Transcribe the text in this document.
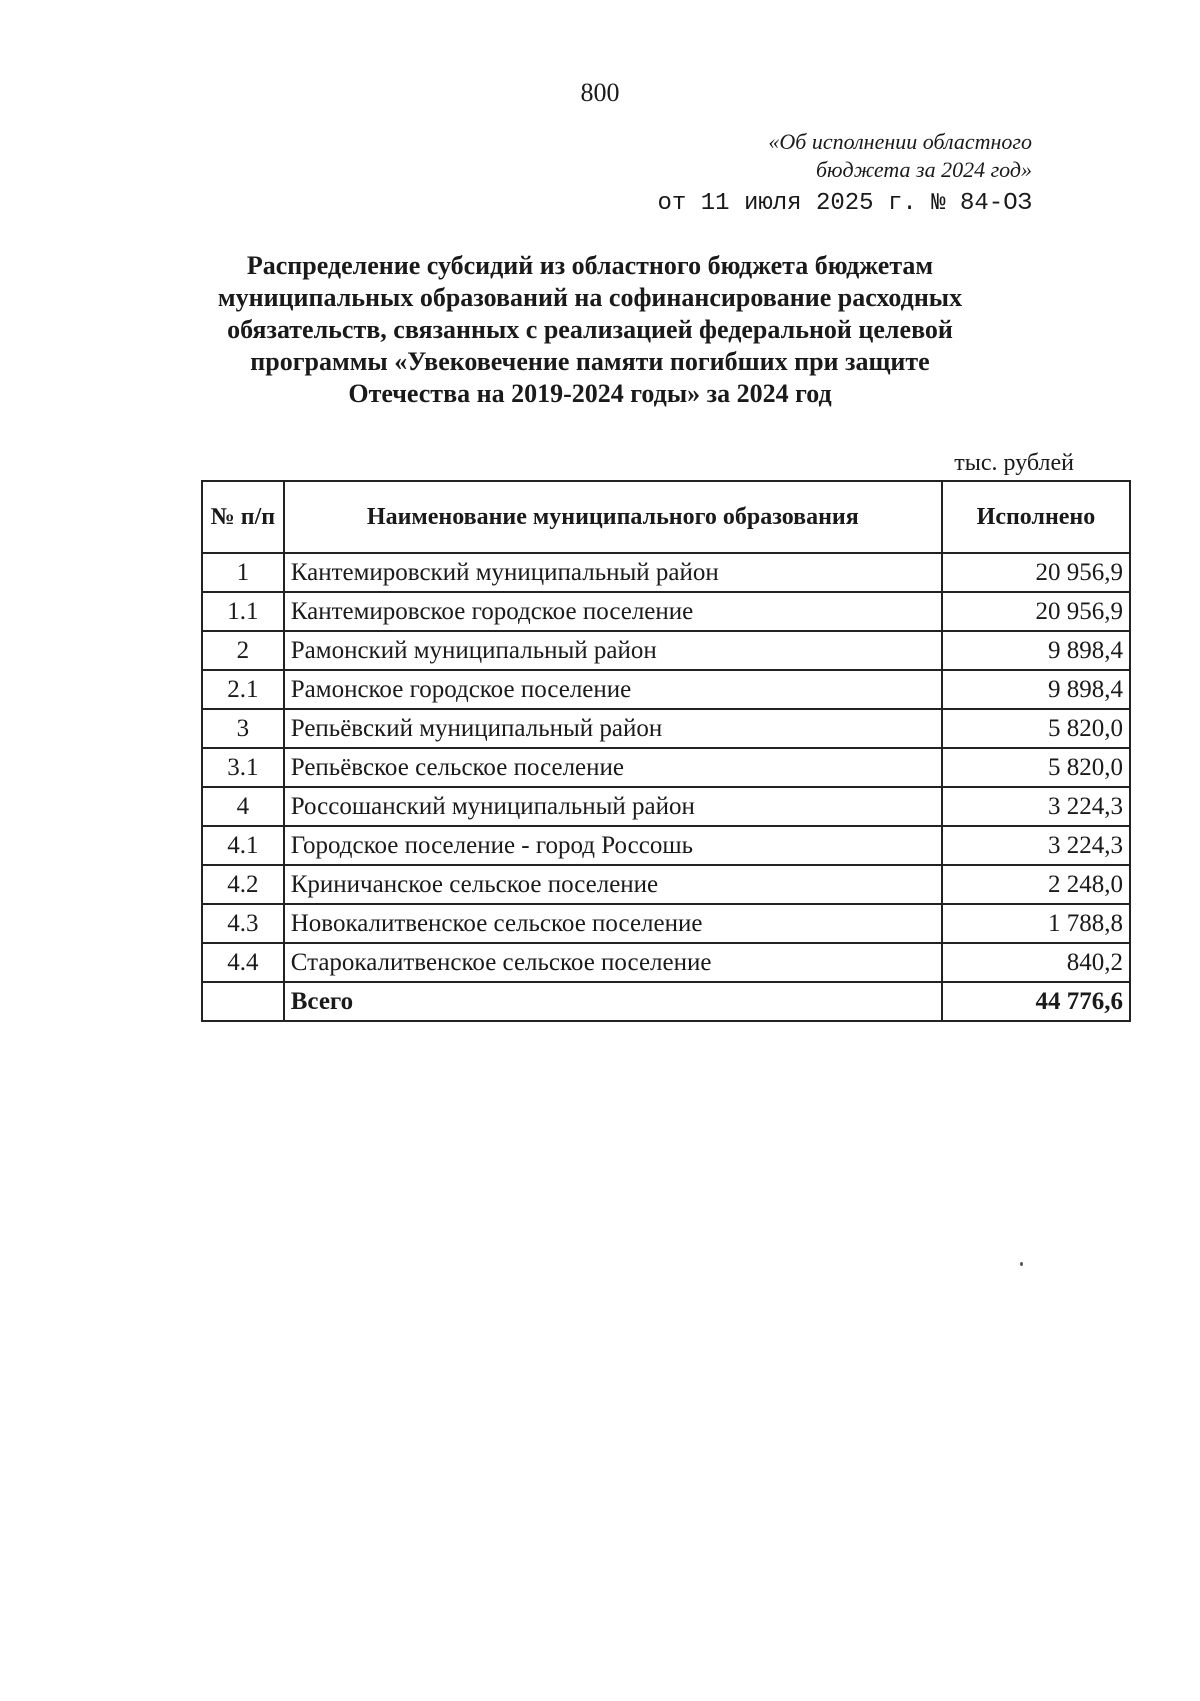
800
«Об исполнении областного
бюджета за 2024 год»
от 11 июля 2025 г. № 84-ОЗ
Распределение субсидий из областного бюджета бюджетам муниципальных образований на софинансирование расходных обязательств, связанных с реализацией федеральной целевой программы «Увековечение памяти погибших при защите Отечества на 2019-2024 годы» за 2024 год
тыс. рублей
№ п/п	Наименование муниципального образования	Исполнено
1	Кантемировский муниципальный район	20 956,9
1.1	Кантемировское городское поселение	20 956,9
2	Рамонский муниципальный район	9 898,4
2.1	Рамонское городское поселение	9 898,4
3	Репьёвский муниципальный район	5 820,0
3.1	Репьёвское сельское поселение	5 820,0
4	Россошанский муниципальный район	3 224,3
4.1	Городское поселение - город Россошь	3 224,3
4.2	Криничанское сельское поселение	2 248,0
4.3	Новокалитвенское сельское поселение	1 788,8
4.4	Старокалитвенское сельское поселение	840,2
	Всего	44 776,6
